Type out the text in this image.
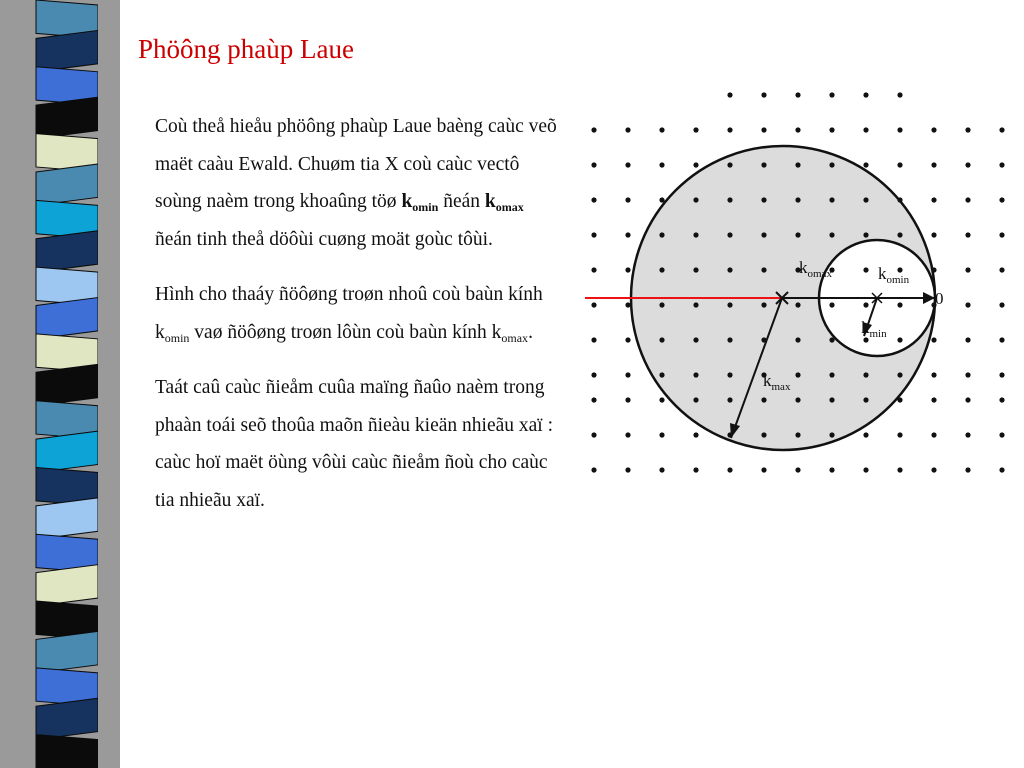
Phöông phaùp Laue

Coù theå hieåu phöông phaùp Laue baèng caùc veõ maët caàu Ewald. Chuøm tia X coù caùc vectô soùng naèm trong khoaûng töø $k_{omin}$ ñeán $k_{omax}$ ñeán tinh theå döôùi cuøng moät goùc tôùi.

Hình cho thaáy ñöôøng troøn nhoû coù baùn kính $k_{omin}$ vaø ñöôøng troøn lôùn coù baùn kính $k_{omax}$.

Taát caû caùc ñieåm cuûa maïng ñaûo naèm trong phaàn toái seõ thoûa maõn ñieàu kieän nhieãu xaï : caùc hoï maët öùng vôùi caùc ñieåm ñoù cho caùc tia nhieãu xaï.

0
$k_{omax}$	$k_{omin}$
$k_{min}$
$k_{max}$
